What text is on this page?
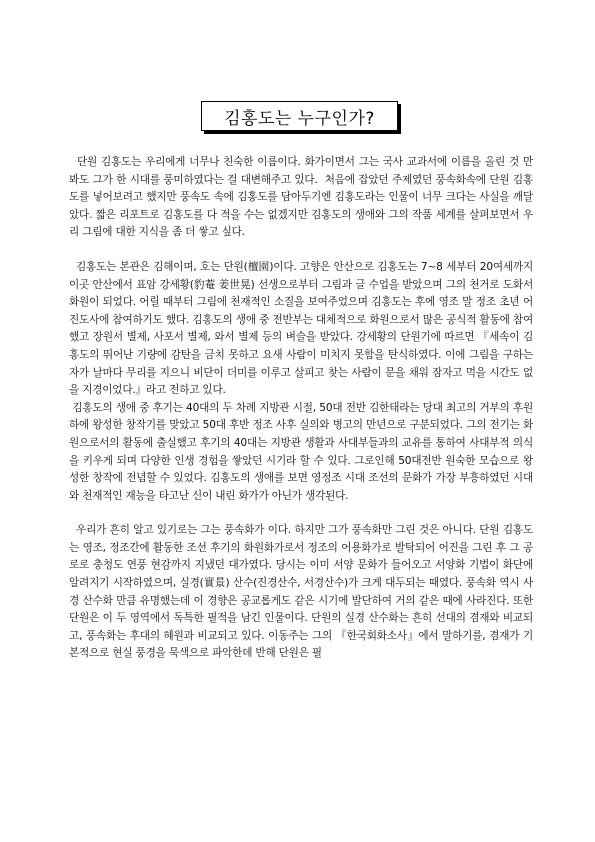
김홍도는 누구인가?

단원 김홍도는 우리에게 너무나 친숙한 이름이다. 화가이면서 그는 국사 교과서에 이름을 올린 것 만 봐도 그가 한 시대를 풍미하였다는 걸 대변해주고 있다.  처음에 잡았던 주제였던 풍속화속에 단원 김홍도를 넣어보려고 했지만 풍속도 속에 김홍도를 담아두기엔 김홍도라는 인물이 너무 크다는 사실을 깨달았다. 짧은 리포트로 김홍도를 다 적을 수는 없겠지만 김홍도의 생애와 그의 작품 세계를 살펴보면서 우리 그림에 대한 지식을 좀 더 쌓고 싶다.

김홍도는 본관은 김해이며, 호는 단원(檀園)이다. 고향은 안산으로 김홍도는 7~8 세부터 20여세까지 이곳 안산에서 표암 강세황(豹菴 姜世晃) 선생으로부터 그림과 글 수업을 받았으며 그의 천거로 도화서 화원이 되었다. 어릴 때부터 그림에 천재적인 소질을 보여주었으며 김홍도는 후에 영조 말 정조 초년 어진도사에 참여하기도 했다. 김홍도의 생애 중 전반부는 대체적으로 화원으로서 많은 공식적 활동에 참여했고 장원서 별제, 사포서 별제, 와서 별제 등의 벼슬을 받았다. 강세황의 단원기에 따르면 『세속이 김홍도의 뛰어난 기량에 감탄을 금치 못하고 요새 사람이 미치지 못함을 탄식하였다. 이에 그림을 구하는 자가 날마다 무리를 지으니 비단이 더미를 이루고 살피고 찾는 사람이 문을 채워 잠자고 먹을 시간도 없을 지경이었다.』라고 전하고 있다.

김홍도의 생애 중 후기는 40대의 두 차례 지방관 시절, 50대 전반 김한태라는 당대 최고의 거부의 후원하에 왕성한 창작기를 맞았고 50대 후반 정조 사후 실의와 병고의 만년으로 구분되었다. 그의 전기는 화원으로서의 활동에 출실했고 후기의 40대는 지방관 생활과 사대부들과의 교유를 통하여 사대부적 의식을 키우게 되며 다양한 인생 경험을 쌓았던 시기라 할 수 있다. 그로인해 50대전반 원숙한 모습으로 왕성한 창작에 전념할 수 있었다. 김홍도의 생애를 보면 영정조 시대 조선의 문화가 가장 부흥하였던 시대와 천재적인 재능을 타고난 신이 내린 화가가 아닌가 생각된다.

우리가 흔히 알고 있기로는 그는 풍속화가 이다. 하지만 그가 풍속화만 그린 것은 아니다. 단원 김홍도는 영조, 정조간에 활동한 조선 후기의 화원화가로서 정조의 어용화가로 발탁되어 어진을 그린 후 그 공로로 충청도 연풍 현감까지 지냈던 대가였다. 당시는 이미 서양 문화가 들어오고 서양화 기법이 화단에 알려지기 시작하였으며, 실경(實景) 산수(진경산수, 서경산수)가 크게 대두되는 때였다. 풍속화 역시 사경 산수화 만큼 유명했는데 이 경향은 공교롭게도 같은 시기에 발단하여 거의 같은 때에 사라진다. 또한 단원은 이 두 영역에서 독특한 필적을 남긴 인물이다. 단원의 실경 산수화는 흔히 선대의 겸재와 비교되고, 풍속화는 후대의 혜원과 비교되고 있다. 이동주는 그의 『한국회화소사』에서 말하기를, 겸재가 기본적으로 현실 풍경을 묵색으로 파악한데 반해 단원은 필
